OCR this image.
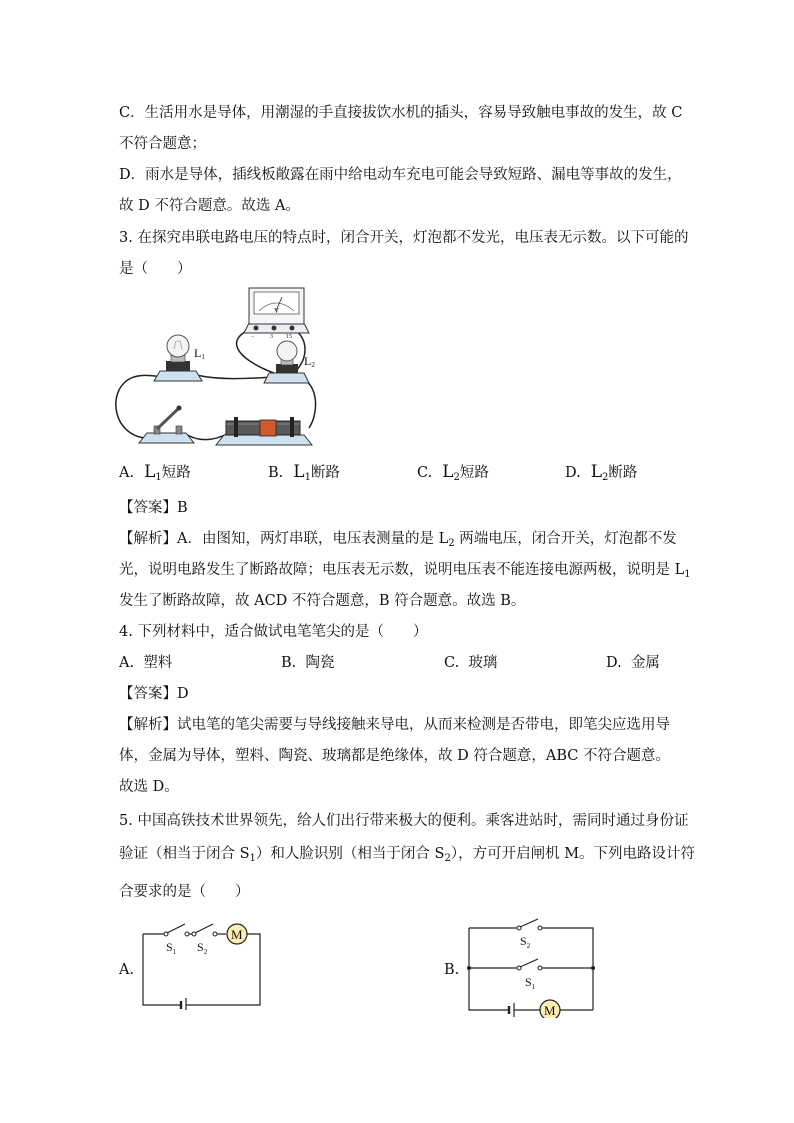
C．生活用水是导体，用潮湿的手直接拔饮水机的插头，容易导致触电事故的发生，故 C
不符合题意；
D．雨水是导体，插线板敞露在雨中给电动车充电可能会导致短路、漏电等事故的发生，
故 D 不符合题意。故选 A。
3. 在探究串联电路电压的特点时，闭合开关，灯泡都不发光，电压表无示数。以下可能的
是（　　）
V
−	3 15
L1	L2
A. $L_1$短路	B. $L_1$断路	C. $L_2$短路	D. $L_2$断路
【答案】B
【解析】A．由图知，两灯串联，电压表测量的是 $L_2$ 两端电压，闭合开关，灯泡都不发
光，说明电路发生了断路故障；电压表无示数，说明电压表不能连接电源两极，说明是 $L_1$
发生了断路故障，故 ACD 不符合题意，B 符合题意。故选 B。
4. 下列材料中，适合做试电笔笔尖的是（　　）
A. 塑料	B. 陶瓷	C. 玻璃	D. 金属
【答案】D
【解析】试电笔的笔尖需要与导线接触来导电，从而来检测是否带电，即笔尖应选用导
体，金属为导体，塑料、陶瓷、玻璃都是绝缘体，故 D 符合题意，ABC 不符合题意。
故选 D。
5. 中国高铁技术世界领先，给人们出行带来极大的便利。乘客进站时，需同时通过身份证
验证（相当于闭合 $S_1$）和人脸识别（相当于闭合 $S_2$），方可开启闸机 M。下列电路设计符
合要求的是（　　）
A.
M
$S_1$ $S_2$
B.
$S_2$
$S_1$
M
